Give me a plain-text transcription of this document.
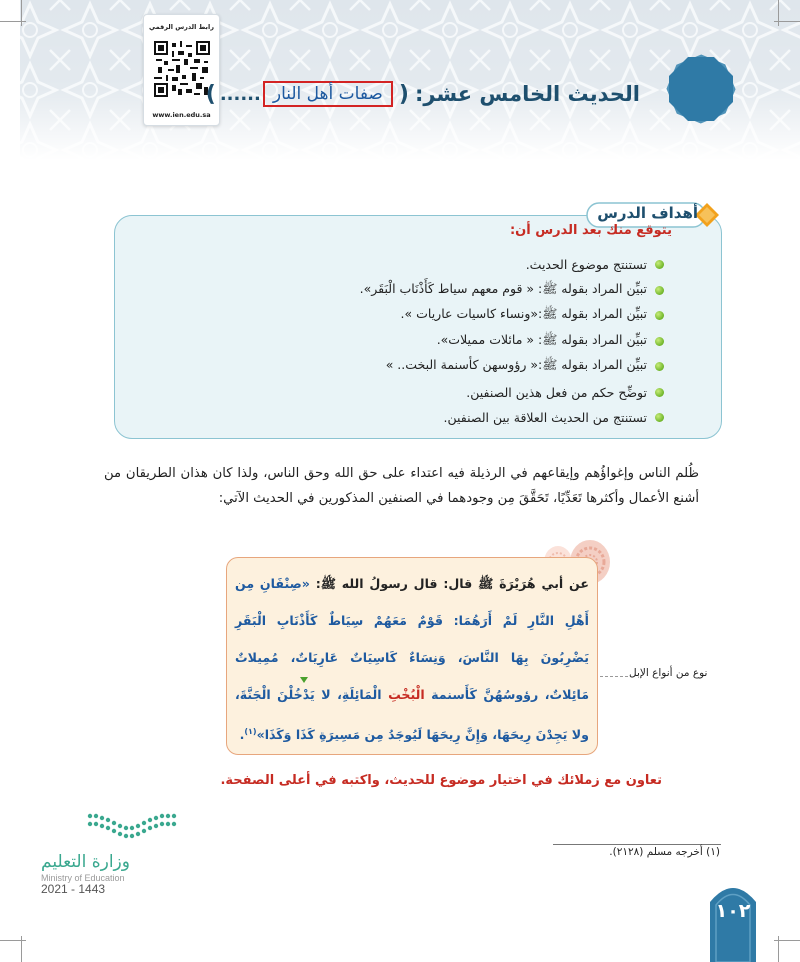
رابط الدرس الرقمي
www.ien.edu.sa
الحديث الخامس عشر:
(
صفات أهل النار
......
)
أهداف الدرس
يتوقع منك بعد الدرس أن:
تستنتج موضوع الحديث.
تبيِّن المراد بقوله ﷺ: « قوم معهم سياط كَأَذْنَاب الْبَقَر».
تبيِّن المراد بقوله ﷺ:«ونساء كاسيات عاريات ».
تبيِّن المراد بقوله ﷺ: « مائلات مميلات».
تبيِّن المراد بقوله ﷺ:« رؤوسهن كأسنمة البخت.. »
توضِّح حكم من فعل هذين الصنفين.
تستنتج من الحديث العلاقة بين الصنفين.
ظُلم الناس وإغواؤُهم وإيقاعهم في الرذيلة فيه اعتداء على حق الله وحق الناس، ولذا كان هذان الطريقان من أشنع الأعمال وأكثرها تَعَدِّيًا، تَحَقَّقَ مِن وجودهما في الصنفين المذكورين في الحديث الآتي:
عن أبي هُرَيْرَةَ ﷺ قال: قال رسولُ الله ﷺ: «صِنْفَانِ مِن أَهْلِ النَّارِ لَمْ أَرَهُمَا: قَوْمٌ مَعَهُمْ سِيَاطٌ كَأَذْنَابِ الْبَقَرِ يَضْرِبُونَ بِهَا النَّاسَ، وَنِسَاءٌ كَاسِيَاتٌ عَارِيَاتٌ، مُمِيلاتٌ مَائِلاتٌ، رؤوسُهُنَّ كَأَسنمة الْبُخْتِ الْمَائِلَةِ، لا يَدْخُلْنَ الْجَنَّةَ، ولا يَجِدْنَ رِيحَهَا، وَإِنَّ رِيحَهَا لَيُوجَدُ مِن مَسِيرَةِ كَذَا وَكَذَا»$^{(١)}$.
نوع من أنواع الإبل
تعاون مع زملائك في اختيار موضوع للحديث، واكتبه في أعلى الصفحة.
(١) أخرجه مسلم (٢١٢٨).
وزارة التعليم
Ministry of Education
2021 - 1443
١٠٢
